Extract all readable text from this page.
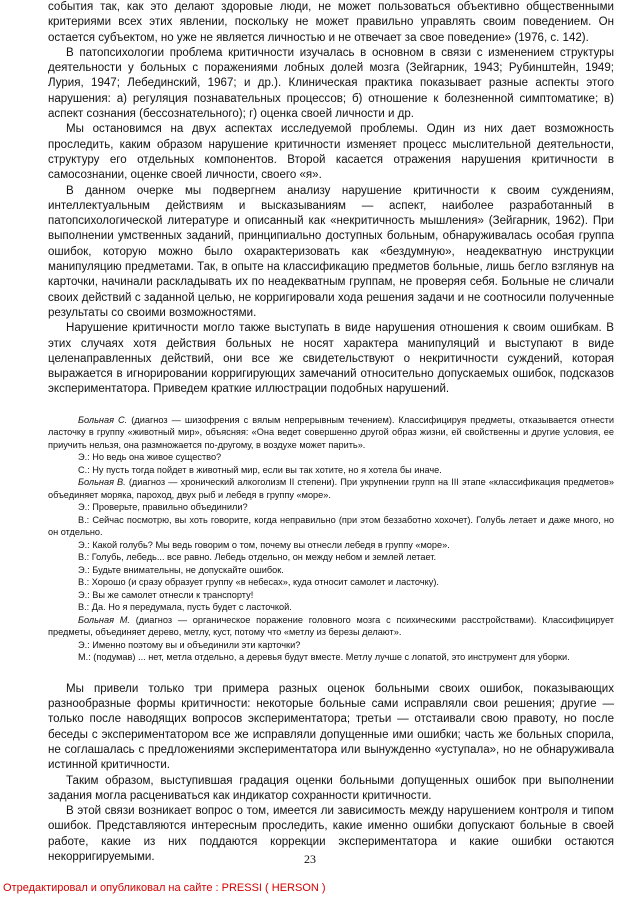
события так, как это делают здоровые люди, не может пользоваться объективно общественными критериями всех этих явлении, поскольку не может правильно управлять своим поведением. Он остается субъектом, но уже не является личностью и не отвечает за свое поведение» (1976, с. 142).

В патопсихологии проблема критичности изучалась в основном в связи с изменением структуры деятельности у больных с поражениями лобных долей мозга (Зейгарник, 1943; Рубинштейн, 1949; Лурия, 1947; Лебединский, 1967; и др.). Клиническая практика показывает разные аспекты этого нарушения: а) регуляция познавательных процессов; б) отношение к болезненной симптоматике; в) аспект сознания (бессознательного); г) оценка своей личности и др.

Мы остановимся на двух аспектах исследуемой проблемы. Один из них дает возможность проследить, каким образом нарушение критичности изменяет процесс мыслительной деятельности, структуру его отдельных компонентов. Второй касается отражения нарушения критичности в самосознании, оценке своей личности, своего «я».

В данном очерке мы подвергнем анализу нарушение критичности к своим суждениям, интеллектуальным действиям и высказываниям — аспект, наиболее разработанный в патопсихологической литературе и описанный как «некритичность мышления» (Зейгарник, 1962). При выполнении умственных заданий, принципиально доступных больным, обнаруживалась особая группа ошибок, которую можно было охарактеризовать как «бездумную», неадекватную инструкции манипуляцию предметами. Так, в опыте на классификацию предметов больные, лишь бегло взглянув на карточки, начинали раскладывать их по неадекватным группам, не проверяя себя. Больные не сличали своих действий с заданной целью, не корригировали хода решения задачи и не соотносили полученные результаты со своими возможностями.

Нарушение критичности могло также выступать в виде нарушения отношения к своим ошибкам. В этих случаях хотя действия больных не носят характера манипуляций и выступают в виде целенаправленных действий, они все же свидетельствуют о некритичности суждений, которая выражается в игнорировании корригирующих замечаний относительно допускаемых ошибок, подсказов экспериментатора. Приведем краткие иллюстрации подобных нарушений.

Больная С. (диагноз — шизофрения с вялым непрерывным течением). Классифицируя предметы, отказывается отнести ласточку в группу «животный мир», объясняя: «Она ведет совершенно другой образ жизни, ей свойственны и другие условия, ее приучить нельзя, она размножается по-другому, в воздухе может парить».

Э.: Но ведь она живое существо?

С.: Ну пусть тогда пойдет в животный мир, если вы так хотите, но я хотела бы иначе.

Больная В. (диагноз — хронический алкоголизм II степени). При укрупнении групп на III этапе «классификация предметов» объединяет моряка, пароход, двух рыб и лебедя в группу «море».

Э.: Проверьте, правильно объединили?

В.: Сейчас посмотрю, вы хоть говорите, когда неправильно (при этом беззаботно хохочет). Голубь летает и даже много, но он отдельно.

Э.: Какой голубь? Мы ведь говорим о том, почему вы отнесли лебедя в группу «море».

В.: Голубь, лебедь... все равно. Лебедь отдельно, он между небом и землей летает.

Э.: Будьте внимательны, не допускайте ошибок.

В.: Хорошо (и сразу образует группу «в небесах», куда относит самолет и ласточку).

Э.: Вы же самолет отнесли к транспорту!

В.: Да. Но я передумала, пусть будет с ласточкой.

Больная М. (диагноз — органическое поражение головного мозга с психическими расстройствами). Классифицирует предметы, объединяет дерево, метлу, куст, потому что «метлу из березы делают».

Э.: Именно поэтому вы и объединили эти карточки?

М.: (подумав) ... нет, метла отдельно, а деревья будут вместе. Метлу лучше с лопатой, это инструмент для уборки.

Мы привели только три примера разных оценок больными своих ошибок, показывающих разнообразные формы критичности: некоторые больные сами исправляли свои решения; другие — только после наводящих вопросов экспериментатора; третьи — отстаивали свою правоту, но после беседы с экспериментатором все же исправляли допущенные ими ошибки; часть же больных спорила, не соглашалась с предложениями экспериментатора или вынужденно «уступала», но не обнаруживала истинной критичности.

Таким образом, выступившая градация оценки больными допущенных ошибок при выполнении задания могла расцениваться как индикатор сохранности критичности.

В этой связи возникает вопрос о том, имеется ли зависимость между нарушением контроля и типом ошибок. Представляются интересным проследить, какие именно ошибки допускают больные в своей работе, какие из них поддаются коррекции экспериментатора и какие ошибки остаются некорригируемыми.	23
Отредактировал и опубликовал на сайте : PRESSI ( HERSON )
